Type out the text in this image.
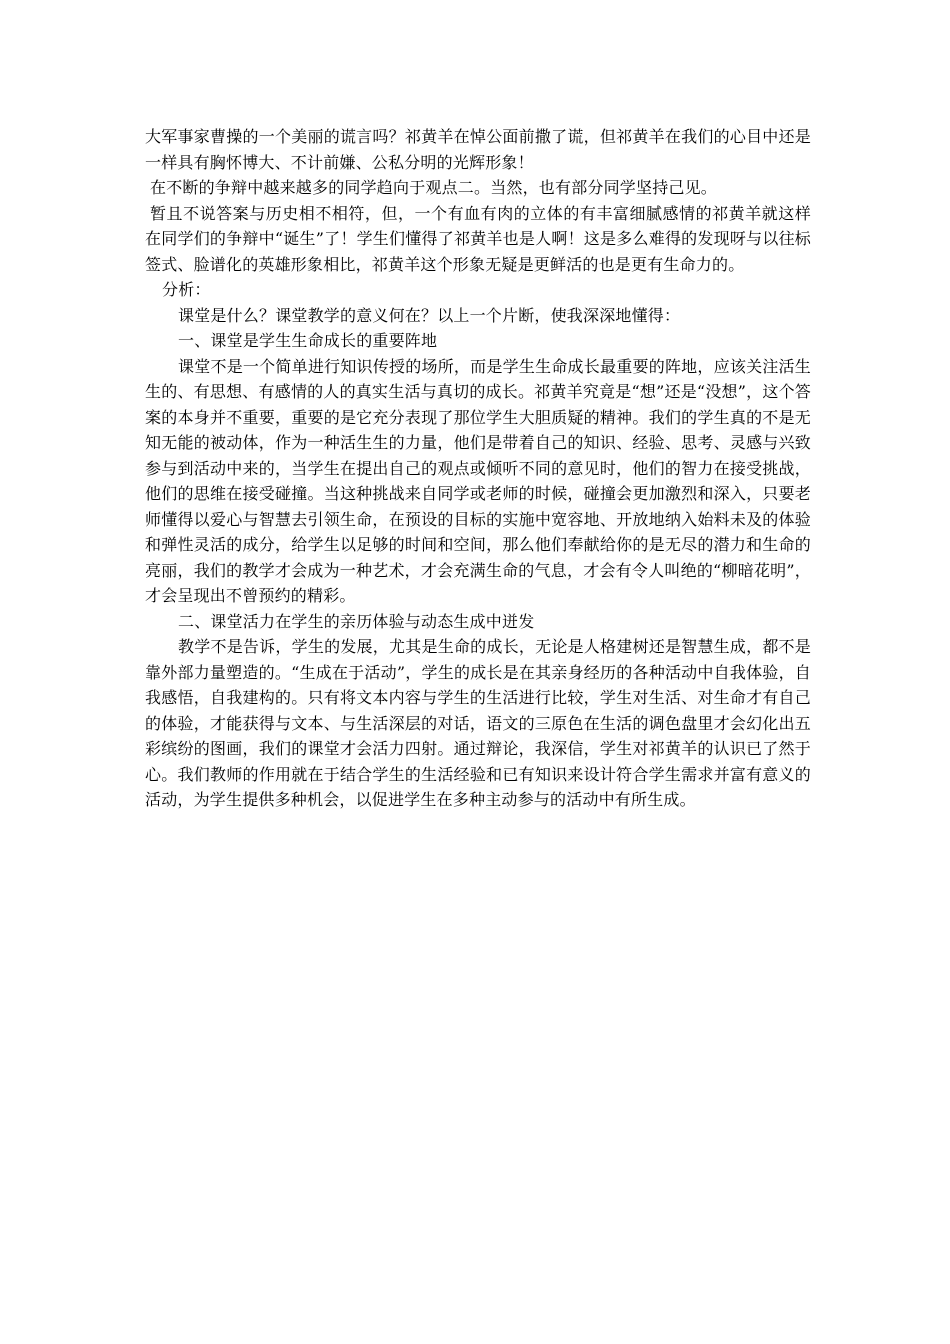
大军事家曹操的一个美丽的谎言吗？祁黄羊在悼公面前撒了谎，但祁黄羊在我们的心目中还是一样具有胸怀博大、不计前嫌、公私分明的光辉形象！

在不断的争辩中越来越多的同学趋向于观点二。当然，也有部分同学坚持己见。

暂且不说答案与历史相不相符，但，一个有血有肉的立体的有丰富细腻感情的祁黄羊就这样在同学们的争辩中“诞生”了！学生们懂得了祁黄羊也是人啊！这是多么难得的发现呀与以往标签式、脸谱化的英雄形象相比，祁黄羊这个形象无疑是更鲜活的也是更有生命力的。

分析：

课堂是什么？课堂教学的意义何在？以上一个片断，使我深深地懂得：

一、课堂是学生生命成长的重要阵地

课堂不是一个简单进行知识传授的场所，而是学生生命成长最重要的阵地，应该关注活生生的、有思想、有感情的人的真实生活与真切的成长。祁黄羊究竟是“想”还是“没想”，这个答案的本身并不重要，重要的是它充分表现了那位学生大胆质疑的精神。我们的学生真的不是无知无能的被动体，作为一种活生生的力量，他们是带着自己的知识、经验、思考、灵感与兴致参与到活动中来的，当学生在提出自己的观点或倾听不同的意见时，他们的智力在接受挑战，他们的思维在接受碰撞。当这种挑战来自同学或老师的时候，碰撞会更加激烈和深入，只要老师懂得以爱心与智慧去引领生命，在预设的目标的实施中宽容地、开放地纳入始料未及的体验和弹性灵活的成分，给学生以足够的时间和空间，那么他们奉献给你的是无尽的潜力和生命的亮丽，我们的教学才会成为一种艺术，才会充满生命的气息，才会有令人叫绝的“柳暗花明”，才会呈现出不曾预约的精彩。

二、课堂活力在学生的亲历体验与动态生成中迸发

教学不是告诉，学生的发展，尤其是生命的成长，无论是人格建树还是智慧生成，都不是靠外部力量塑造的。“生成在于活动”，学生的成长是在其亲身经历的各种活动中自我体验，自我感悟，自我建构的。只有将文本内容与学生的生活进行比较，学生对生活、对生命才有自己的体验，才能获得与文本、与生活深层的对话，语文的三原色在生活的调色盘里才会幻化出五彩缤纷的图画，我们的课堂才会活力四射。通过辩论，我深信，学生对祁黄羊的认识已了然于心。我们教师的作用就在于结合学生的生活经验和已有知识来设计符合学生需求并富有意义的活动，为学生提供多种机会，以促进学生在多种主动参与的活动中有所生成。
